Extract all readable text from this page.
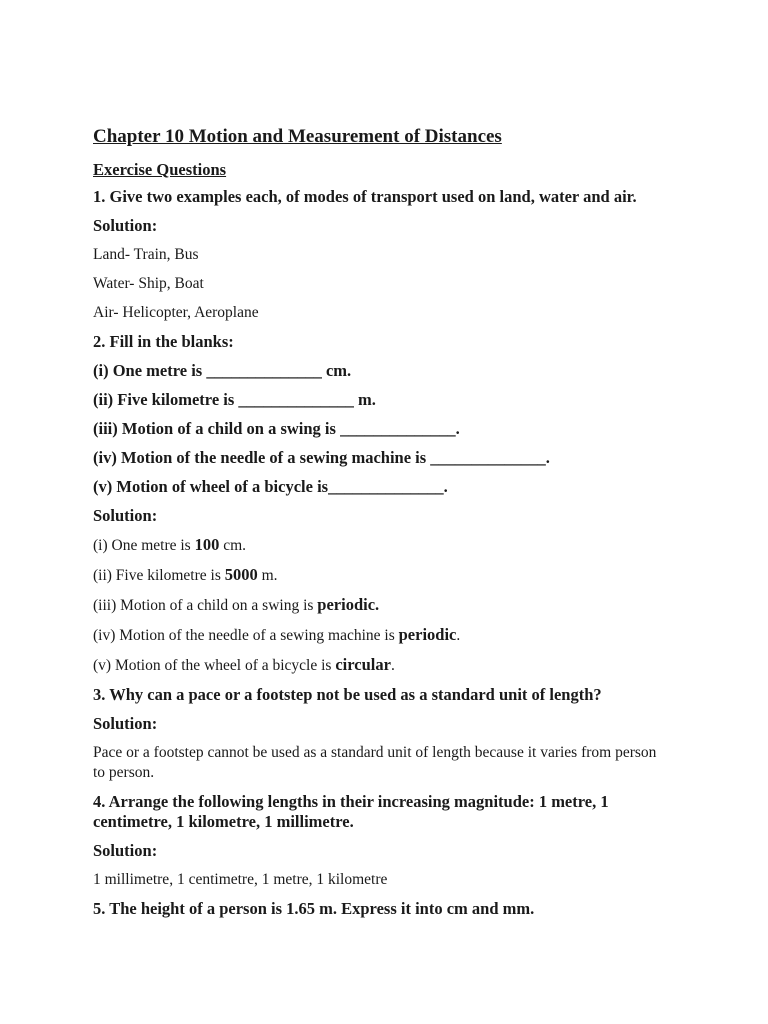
Chapter 10 Motion and Measurement of Distances
Exercise Questions
1. Give two examples each, of modes of transport used on land, water and air.
Solution:
Land- Train, Bus
Water- Ship, Boat
Air- Helicopter, Aeroplane
2. Fill in the blanks:
(i) One metre is ______________ cm.
(ii) Five kilometre is ______________ m.
(iii) Motion of a child on a swing is ______________.
(iv) Motion of the needle of a sewing machine is ______________.
(v) Motion of wheel of a bicycle is______________.
Solution:
(i) One metre is 100 cm.
(ii) Five kilometre is 5000 m.
(iii) Motion of a child on a swing is periodic.
(iv) Motion of the needle of a sewing machine is periodic.
(v) Motion of the wheel of a bicycle is circular.
3. Why can a pace or a footstep not be used as a standard unit of length?
Solution:
Pace or a footstep cannot be used as a standard unit of length because it varies from person to person.
4. Arrange the following lengths in their increasing magnitude: 1 metre, 1 centimetre, 1 kilometre, 1 millimetre.
Solution:
1 millimetre, 1 centimetre, 1 metre, 1 kilometre
5. The height of a person is 1.65 m. Express it into cm and mm.
